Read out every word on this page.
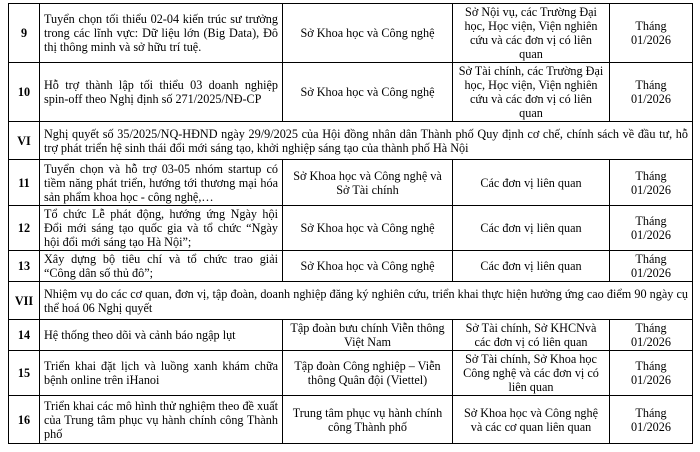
9	Tuyển chọn tối thiểu 02-04 kiến trúc sư trưởng trong các lĩnh vực: Dữ liệu lớn (Big Data), Đô thị thông minh và sở hữu trí tuệ.	Sở Khoa học và Công nghệ	Sở Nội vụ, các Trường Đại học, Học viện, Viện nghiên cứu và các đơn vị có liên quan	Tháng 01/2026
10	Hỗ trợ thành lập tối thiểu 03 doanh nghiệp spin-off theo Nghị định số 271/2025/NĐ-CP	Sở Khoa học và Công nghệ	Sở Tài chính, các Trường Đại học, Học viện, Viện nghiên cứu và các đơn vị có liên quan	Tháng 01/2026
VI	Nghị quyết số 35/2025/NQ-HĐND ngày 29/9/2025 của Hội đồng nhân dân Thành phố Quy định cơ chế, chính sách về đầu tư, hỗ trợ phát triển hệ sinh thái đổi mới sáng tạo, khởi nghiệp sáng tạo của thành phố Hà Nội			
11	Tuyển chọn và hỗ trợ 03-05 nhóm startup có tiềm năng phát triển, hướng tới thương mại hóa sản phẩm khoa học - công nghệ,…	Sở Khoa học và Công nghệ và Sở Tài chính	Các đơn vị liên quan	Tháng 01/2026
12	Tổ chức Lễ phát động, hướng ứng Ngày hội Đổi mới sáng tạo quốc gia và tổ chức “Ngày hội đổi mới sáng tạo Hà Nội”;	Sở Khoa học và Công nghệ	Các đơn vị liên quan	Tháng 01/2026
13	Xây dựng bộ tiêu chí và tổ chức trao giải “Công dân số thủ đô”;	Sở Khoa học và Công nghệ	Các đơn vị liên quan	Tháng 01/2026
VII	Nhiệm vụ do các cơ quan, đơn vị, tập đoàn, doanh nghiệp đăng ký nghiên cứu, triển khai thực hiện hưởng ứng cao điểm 90 ngày cụ thể hoá 06 Nghị quyết			
14	Hệ thống theo dõi và cảnh báo ngập lụt	Tập đoàn bưu chính Viễn thông Việt Nam	Sở Tài chính, Sở KHCNvà các đơn vị có liên quan	Tháng 01/2026
15	Triển khai đặt lịch và luồng xanh khám chữa bệnh online trên iHanoi	Tập đoàn Công nghiệp – Viễn thông Quân đội (Viettel)	Sở Tài chính, Sở Khoa học Công nghệ và các đơn vị có liên quan	Tháng 01/2026
16	Triển khai các mô hình thử nghiệm theo đề xuất của Trung tâm phục vụ hành chính công Thành phố	Trung tâm phục vụ hành chính công Thành phố	Sở Khoa học và Công nghệ và các cơ quan liên quan	Tháng 01/2026
